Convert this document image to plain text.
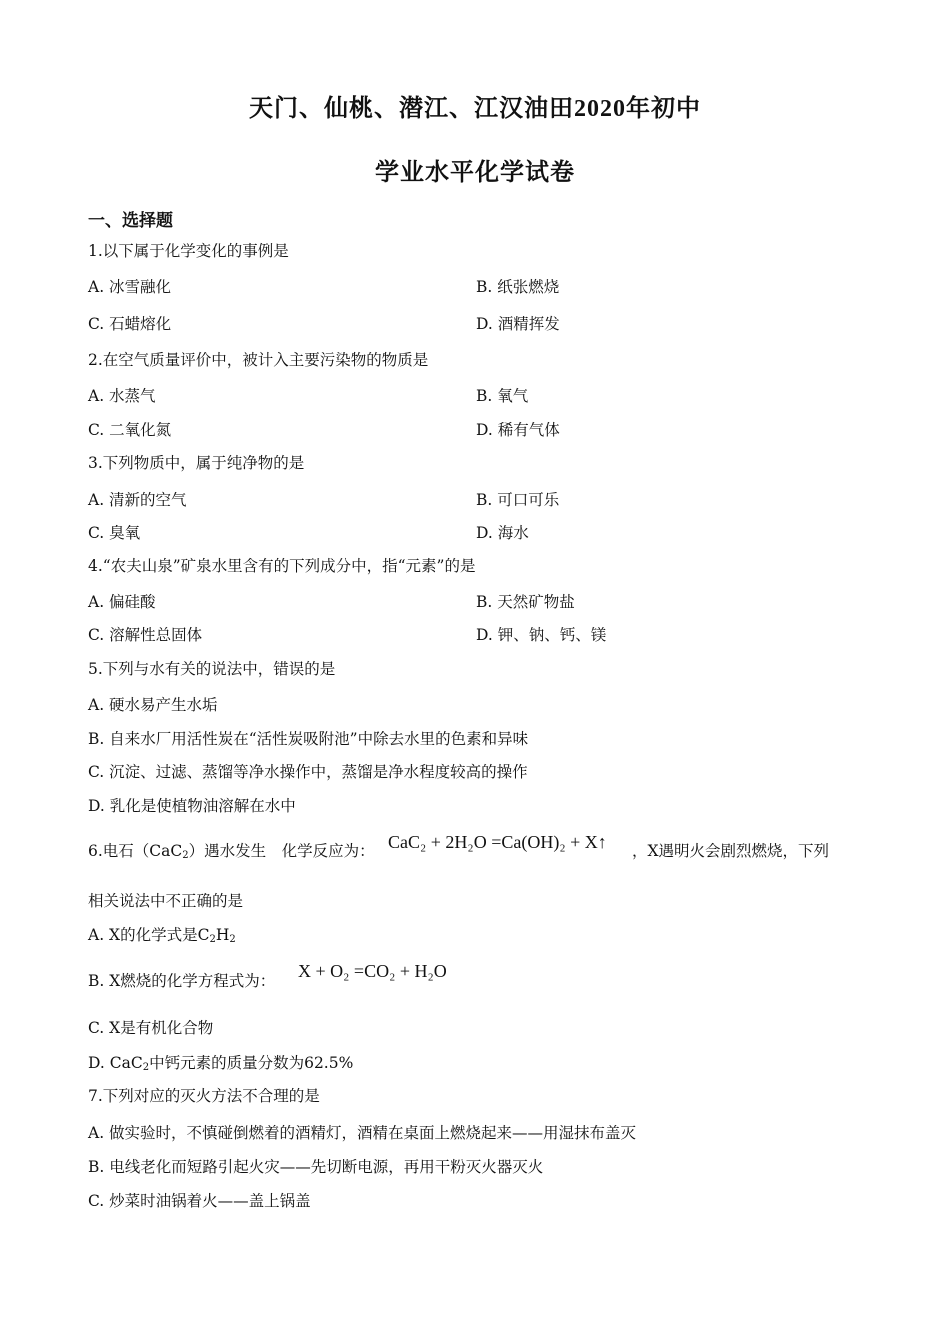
天门、仙桃、潜江、江汉油田2020年初中
学业水平化学试卷
一、选择题
1.以下属于化学变化的事例是
A. 冰雪融化	B. 纸张燃烧
C. 石蜡熔化	D. 酒精挥发
2.在空气质量评价中，被计入主要污染物的物质是
A. 水蒸气	B. 氧气
C. 二氧化氮	D. 稀有气体
3.下列物质中，属于纯净物的是
A. 清新的空气	B. 可口可乐
C. 臭氧	D. 海水
4.“农夫山泉”矿泉水里含有的下列成分中，指“元素”的是
A. 偏硅酸	B. 天然矿物盐
C. 溶解性总固体	D. 钾、钠、钙、镁
5.下列与水有关的说法中，错误的是
A. 硬水易产生水垢
B. 自来水厂用活性炭在“活性炭吸附池”中除去水里的色素和异味
C. 沉淀、过滤、蒸馏等净水操作中，蒸馏是净水程度较高的操作
D. 乳化是使植物油溶解在水中
6.电石（CaC$_2$）遇水发生　化学反应为： CaC₂ + 2H₂O =Ca(OH)₂ + X↑ ，X遇明火会剧烈燃烧，下列
相关说法中不正确的是
A. X的化学式是$C_2H_2$
B. X燃烧的化学方程式为： X + O₂ =CO₂ + H₂O
C. X是有机化合物
D. CaC$_2$中钙元素的质量分数为62.5%
7.下列对应的灭火方法不合理的是
A. 做实验时，不慎碰倒燃着的酒精灯，酒精在桌面上燃烧起来——用湿抹布盖灭
B. 电线老化而短路引起火灾——先切断电源，再用干粉灭火器灭火
C. 炒菜时油锅着火——盖上锅盖
